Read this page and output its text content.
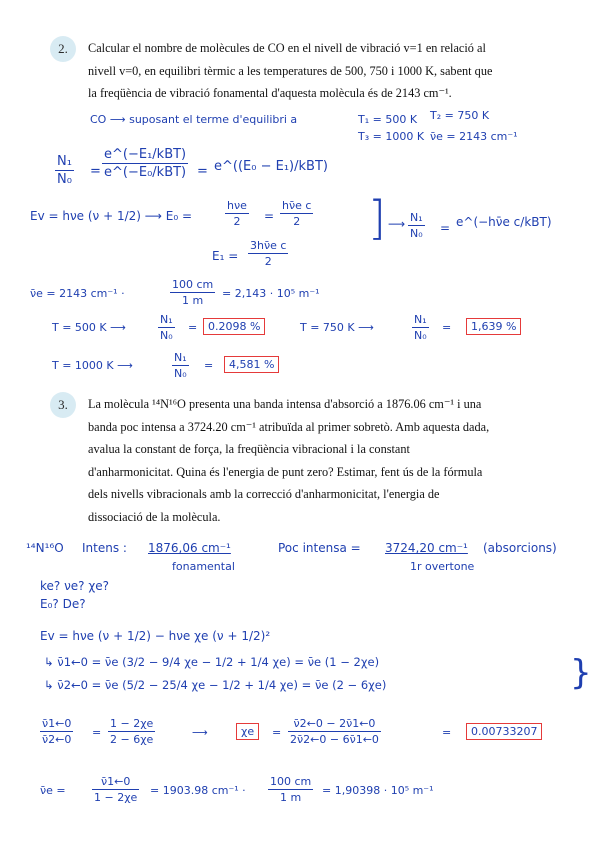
2.	Calcular el nombre de molècules de CO en el nivell de vibració v=1 en relació al
nivell v=0, en equilibri tèrmic a les temperatures de 500, 750 i 1000 K, sabent que
la freqüència de vibració fonamental d'aquesta molècula és de 2143 cm⁻¹.

CO ⟶ suposant el terme d'equilibri a	T₁ = 500 K T₂ = 750 K
T₃ = 1000 K ν̄e = 2143 cm⁻¹
N₁
N₀
=
e^(−E₁/kBT)
e^(−E₀/kBT) = e^((E₀ − E₁)/kBT)
Ev = hνe (ν + 1/2) ⟶ E₀ =
hνe
2 =
hν̄e c
2
E₁ =
3hν̄e c
2
] ⟶ N₁
N₀ = e^(−hν̄e c/kBT)
ν̄e = 2143 cm⁻¹ ·
100 cm
1 m
= 2,143 · 10⁵ m⁻¹
T = 500 K ⟶
N₁
N₀
= 0.2098 %	T = 750 K ⟶
N₁
N₀
=	1,639 %
T = 1000 K ⟶
N₁
N₀
=	4,581 %
3.	La molècula ¹⁴N¹⁶O presenta una banda intensa d'absorció a 1876.06 cm⁻¹ i una
banda poc intensa a 3724.20 cm⁻¹ atribuïda al primer sobretò. Amb aquesta dada,
avalua la constant de força, la freqüència vibracional i la constant
d'anharmonicitat. Quina és l'energia de punt zero? Estimar, fent ús de la fórmula
dels nivells vibracionals amb la correcció d'anharmonicitat, l'energia de
dissociació de la molècula.

¹⁴N¹⁶O Intens : 1876,06 cm⁻¹
fonamental
Poc intensa = 3724,20 cm⁻¹
1r overtone
(absorcions)
ke? νe? χe?
E₀? De?
Ev = hνe (ν + 1/2) − hνe χe (ν + 1/2)²
↳ ν̄1←0 = ν̄e (3/2 − 9/4 χe − 1/2 + 1/4 χe) = ν̄e (1 − 2χe)
↳ ν̄2←0 = ν̄e (5/2 − 25/4 χe − 1/2 + 1/4 χe) = ν̄e (2 − 6χe)	}
ν̄1←0
ν̄2←0
=
1 − 2χe
2 − 6χe
⟶	χe	=
ν̄2←0 − 2ν̄1←0
2ν̄2←0 − 6ν̄1←0
=	0.00733207
ν̄e =
ν̄1←0
1 − 2χe
= 1903.98 cm⁻¹ ·
100 cm
1 m
= 1,90398 · 10⁵ m⁻¹
